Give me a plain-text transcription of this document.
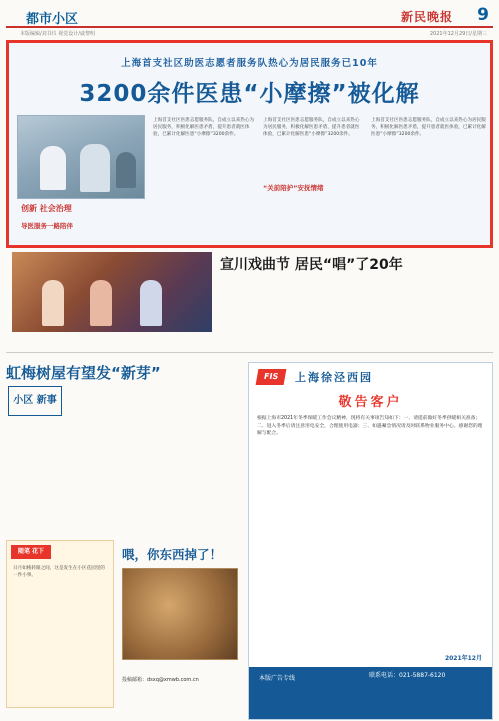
都市小区	新民晚报 9
本版编辑/刘书仪 视觉设计/戚黎明	2021年12月29日/星期三
上海首支社区助医志愿者服务队热心为居民服务已10年
3200余件医患“小摩擦”被化解
创新 社会治理
导医服务一路陪伴
上海首支社区医患志愿服务队，自成立以来热心为居民服务，积极化解医患矛盾，提升患者就医体验，已累计化解医患“小摩擦”3200余件。
“关前陪护”安抚情绪
上海首支社区医患志愿服务队，自成立以来热心为居民服务，积极化解医患矛盾，提升患者就医体验，已累计化解医患“小摩擦”3200余件。
上海首支社区医患志愿服务队，自成立以来热心为居民服务，积极化解医患矛盾，提升患者就医体验，已累计化解医患“小摩擦”3200余件。
宣川戏曲节 居民“唱”了20年
虹梅树屋有望发“新芽”
小区 新事
随笔 花下
日月如梭转眼之间，这是发生在小区花园里的一件小事。
喂，你东西掉了！
投稿邮箱：dsxq@xmwb.com.cn
FIS	上海徐泾西园
敬告客户
根据上海市2021年冬季保暖工作会议精神，现将有关事项告知如下：一、请提前做好冬季供暖相关准备；二、进入冬季后请注意用电安全，合理使用电器；三、如遇紧急情况请及时联系物业服务中心。感谢您的理解与配合。
2021年12月
本版广告专线	联系电话：021-5887-6120
